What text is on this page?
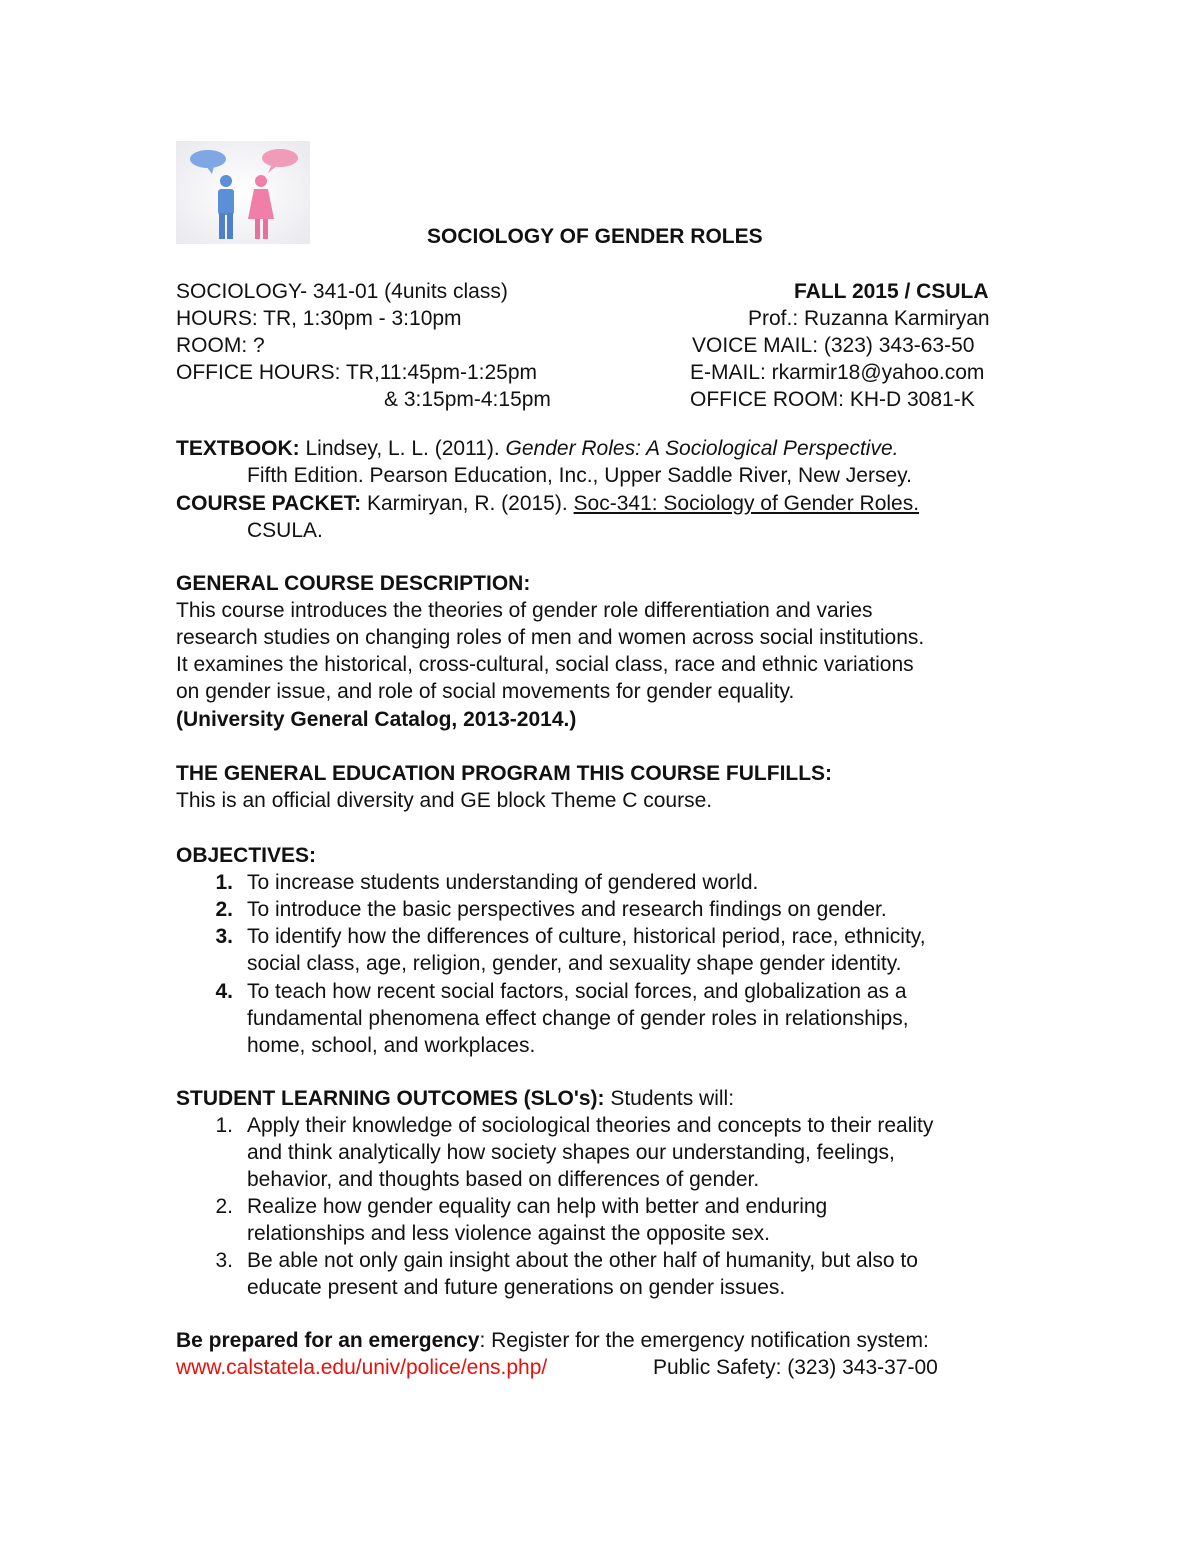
SOCIOLOGY OF GENDER ROLES
SOCIOLOGY- 341-01 (4units class)
HOURS: TR, 1:30pm - 3:10pm
ROOM: ?
OFFICE HOURS: TR,11:45pm-1:25pm
& 3:15pm-4:15pm
FALL 2015 / CSULA
Prof.: Ruzanna Karmiryan
VOICE MAIL: (323) 343-63-50
E-MAIL: rkarmir18@yahoo.com
OFFICE ROOM: KH-D 3081-K
TEXTBOOK: Lindsey, L. L. (2011). Gender Roles: A Sociological Perspective.
Fifth Edition. Pearson Education, Inc., Upper Saddle River, New Jersey.
COURSE PACKET: Karmiryan, R. (2015). Soc-341: Sociology of Gender Roles.
CSULA.
GENERAL COURSE DESCRIPTION:
This course introduces the theories of gender role differentiation and varies
research studies on changing roles of men and women across social institutions.
It examines the historical, cross-cultural, social class, race and ethnic variations
on gender issue, and role of social movements for gender equality.
(University General Catalog, 2013-2014.)
THE GENERAL EDUCATION PROGRAM THIS COURSE FULFILLS:
This is an official diversity and GE block Theme C course.
OBJECTIVES:
1. To increase students understanding of gendered world.
2. To introduce the basic perspectives and research findings on gender.
3. To identify how the differences of culture, historical period, race, ethnicity,
social class, age, religion, gender, and sexuality shape gender identity.
4. To teach how recent social factors, social forces, and globalization as a
fundamental phenomena effect change of gender roles in relationships,
home, school, and workplaces.
STUDENT LEARNING OUTCOMES (SLO's): Students will:
1. Apply their knowledge of sociological theories and concepts to their reality
and think analytically how society shapes our understanding, feelings,
behavior, and thoughts based on differences of gender.
2. Realize how gender equality can help with better and enduring
relationships and less violence against the opposite sex.
3. Be able not only gain insight about the other half of humanity, but also to
educate present and future generations on gender issues.
Be prepared for an emergency: Register for the emergency notification system:
www.calstatela.edu/univ/police/ens.php/	Public Safety: (323) 343-37-00
